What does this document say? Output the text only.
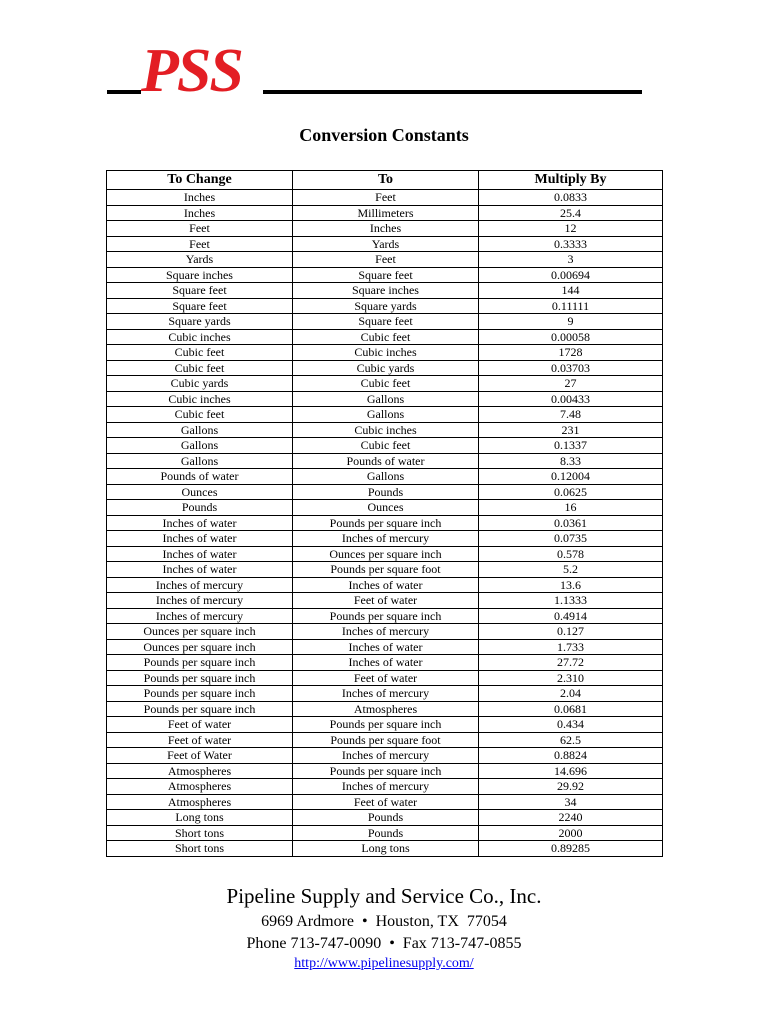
PSS
Conversion Constants
To Change	To	Multiply By
Inches	Feet	0.0833
Inches	Millimeters	25.4
Feet	Inches	12
Feet	Yards	0.3333
Yards	Feet	3
Square inches	Square feet	0.00694
Square feet	Square inches	144
Square feet	Square yards	0.11111
Square yards	Square feet	9
Cubic inches	Cubic feet	0.00058
Cubic feet	Cubic inches	1728
Cubic feet	Cubic yards	0.03703
Cubic yards	Cubic feet	27
Cubic inches	Gallons	0.00433
Cubic feet	Gallons	7.48
Gallons	Cubic inches	231
Gallons	Cubic feet	0.1337
Gallons	Pounds of water	8.33
Pounds of water	Gallons	0.12004
Ounces	Pounds	0.0625
Pounds	Ounces	16
Inches of water	Pounds per square inch	0.0361
Inches of water	Inches of mercury	0.0735
Inches of water	Ounces per square inch	0.578
Inches of water	Pounds per square foot	5.2
Inches of mercury	Inches of water	13.6
Inches of mercury	Feet of water	1.1333
Inches of mercury	Pounds per square inch	0.4914
Ounces per square inch	Inches of mercury	0.127
Ounces per square inch	Inches of water	1.733
Pounds per square inch	Inches of water	27.72
Pounds per square inch	Feet of water	2.310
Pounds per square inch	Inches of mercury	2.04
Pounds per square inch	Atmospheres	0.0681
Feet of water	Pounds per square inch	0.434
Feet of water	Pounds per square foot	62.5
Feet of Water	Inches of mercury	0.8824
Atmospheres	Pounds per square inch	14.696
Atmospheres	Inches of mercury	29.92
Atmospheres	Feet of water	34
Long tons	Pounds	2240
Short tons	Pounds	2000
Short tons	Long tons	0.89285
Pipeline Supply and Service Co., Inc.
6969 Ardmore • Houston, TX  77054
Phone 713-747-0090 • Fax 713-747-0855
http://www.pipelinesupply.com/
